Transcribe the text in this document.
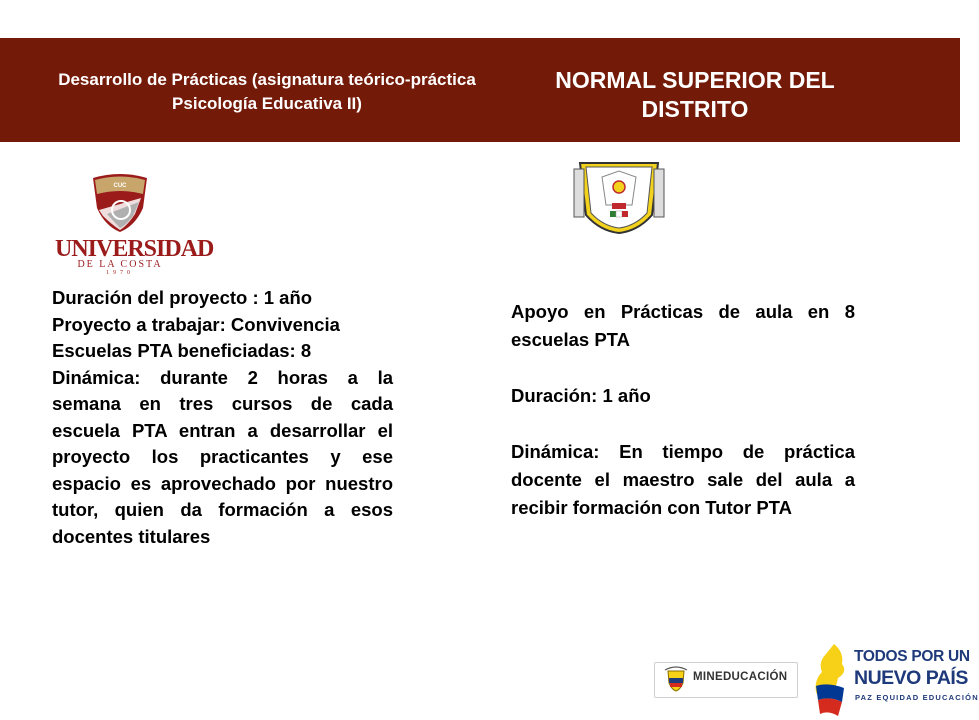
Desarrollo de Prácticas (asignatura teórico-práctica Psicología Educativa II)
NORMAL SUPERIOR DEL DISTRITO
CUC
UNIVERSIDAD
DE LA COSTA
1970

Duración del proyecto : 1 año

Proyecto a trabajar: Convivencia

Escuelas PTA beneficiadas: 8

Dinámica: durante 2 horas a la semana en tres cursos de cada escuela PTA entran a desarrollar el proyecto los practicantes y ese espacio es aprovechado por nuestro tutor, quien da formación a esos docentes titulares

Apoyo en Prácticas de aula en 8 escuelas PTA

Duración: 1 año

Dinámica: En tiempo de práctica docente el maestro sale del aula a recibir formación con Tutor PTA

MINEDUCACIÓN
TODOS POR UN
NUEVO PAÍS
PAZ EQUIDAD EDUCACIÓN
